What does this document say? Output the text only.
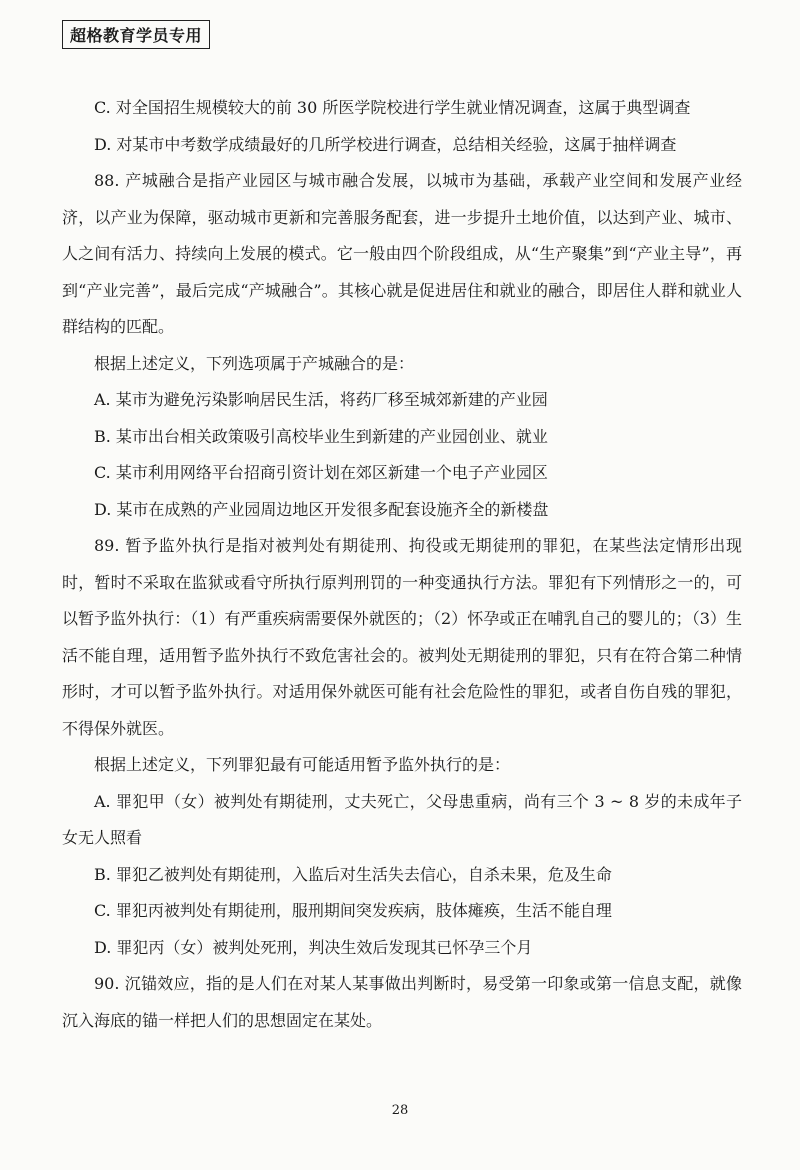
超格教育学员专用

C. 对全国招生规模较大的前 30 所医学院校进行学生就业情况调查，这属于典型调查

D. 对某市中考数学成绩最好的几所学校进行调查，总结相关经验，这属于抽样调查

88. 产城融合是指产业园区与城市融合发展，以城市为基础，承载产业空间和发展产业经济，以产业为保障，驱动城市更新和完善服务配套，进一步提升土地价值，以达到产业、城市、人之间有活力、持续向上发展的模式。它一般由四个阶段组成，从“生产聚集”到“产业主导”，再到“产业完善”，最后完成“产城融合”。其核心就是促进居住和就业的融合，即居住人群和就业人群结构的匹配。

根据上述定义，下列选项属于产城融合的是：

A. 某市为避免污染影响居民生活，将药厂移至城郊新建的产业园

B. 某市出台相关政策吸引高校毕业生到新建的产业园创业、就业

C. 某市利用网络平台招商引资计划在郊区新建一个电子产业园区

D. 某市在成熟的产业园周边地区开发很多配套设施齐全的新楼盘

89. 暂予监外执行是指对被判处有期徒刑、拘役或无期徒刑的罪犯，在某些法定情形出现时，暂时不采取在监狱或看守所执行原判刑罚的一种变通执行方法。罪犯有下列情形之一的，可以暂予监外执行：（1）有严重疾病需要保外就医的；（2）怀孕或正在哺乳自己的婴儿的；（3）生活不能自理，适用暂予监外执行不致危害社会的。被判处无期徒刑的罪犯，只有在符合第二种情形时，才可以暂予监外执行。对适用保外就医可能有社会危险性的罪犯，或者自伤自残的罪犯，不得保外就医。

根据上述定义，下列罪犯最有可能适用暂予监外执行的是：

A. 罪犯甲（女）被判处有期徒刑，丈夫死亡，父母患重病，尚有三个 3 ~ 8 岁的未成年子女无人照看

B. 罪犯乙被判处有期徒刑，入监后对生活失去信心，自杀未果，危及生命

C. 罪犯丙被判处有期徒刑，服刑期间突发疾病，肢体瘫痪，生活不能自理

D. 罪犯丙（女）被判处死刑，判决生效后发现其已怀孕三个月

90. 沉锚效应，指的是人们在对某人某事做出判断时，易受第一印象或第一信息支配，就像沉入海底的锚一样把人们的思想固定在某处。

28
